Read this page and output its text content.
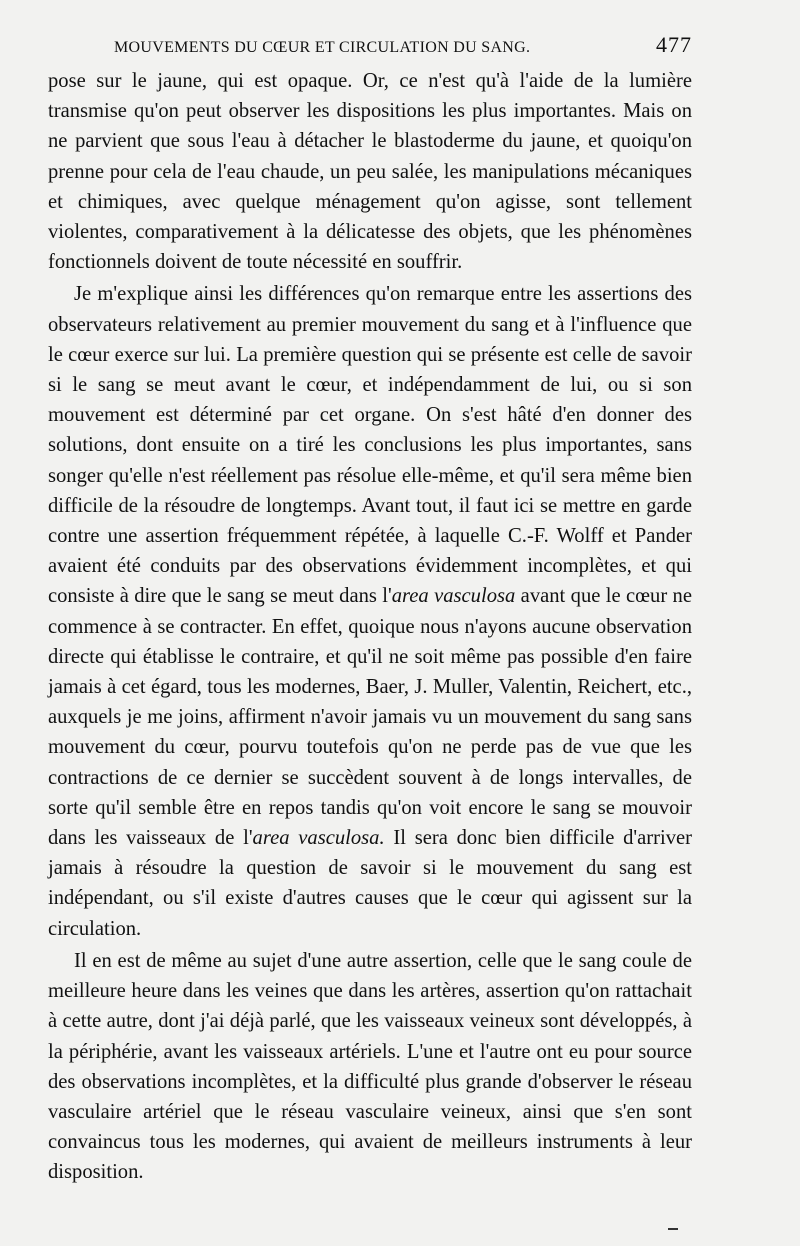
MOUVEMENTS DU CŒUR ET CIRCULATION DU SANG.	477

pose sur le jaune, qui est opaque. Or, ce n'est qu'à l'aide de la lumière transmise qu'on peut observer les dispositions les plus importantes. Mais on ne parvient que sous l'eau à détacher le blastoderme du jaune, et quoiqu'on prenne pour cela de l'eau chaude, un peu salée, les manipulations mécaniques et chimiques, avec quelque ménagement qu'on agisse, sont tellement violentes, comparativement à la délicatesse des objets, que les phénomènes fonctionnels doivent de toute nécessité en souffrir.

Je m'explique ainsi les différences qu'on remarque entre les assertions des observateurs relativement au premier mouvement du sang et à l'influence que le cœur exerce sur lui. La première question qui se présente est celle de savoir si le sang se meut avant le cœur, et indépendamment de lui, ou si son mouvement est déterminé par cet organe. On s'est hâté d'en donner des solutions, dont ensuite on a tiré les conclusions les plus importantes, sans songer qu'elle n'est réellement pas résolue elle-même, et qu'il sera même bien difficile de la résoudre de longtemps. Avant tout, il faut ici se mettre en garde contre une assertion fréquemment répétée, à laquelle C.-F. Wolff et Pander avaient été conduits par des observations évidemment incomplètes, et qui consiste à dire que le sang se meut dans l'area vasculosa avant que le cœur ne commence à se contracter. En effet, quoique nous n'ayons aucune observation directe qui établisse le contraire, et qu'il ne soit même pas possible d'en faire jamais à cet égard, tous les modernes, Baer, J. Muller, Valentin, Reichert, etc., auxquels je me joins, affirment n'avoir jamais vu un mouvement du sang sans mouvement du cœur, pourvu toutefois qu'on ne perde pas de vue que les contractions de ce dernier se succèdent souvent à de longs intervalles, de sorte qu'il semble être en repos tandis qu'on voit encore le sang se mouvoir dans les vaisseaux de l'area vasculosa. Il sera donc bien difficile d'arriver jamais à résoudre la question de savoir si le mouvement du sang est indépendant, ou s'il existe d'autres causes que le cœur qui agissent sur la circulation.

Il en est de même au sujet d'une autre assertion, celle que le sang coule de meilleure heure dans les veines que dans les artères, assertion qu'on rattachait à cette autre, dont j'ai déjà parlé, que les vaisseaux veineux sont développés, à la périphérie, avant les vaisseaux artériels. L'une et l'autre ont eu pour source des observations incomplètes, et la difficulté plus grande d'observer le réseau vasculaire artériel que le réseau vasculaire veineux, ainsi que s'en sont convaincus tous les modernes, qui avaient de meilleurs instruments à leur disposition.
